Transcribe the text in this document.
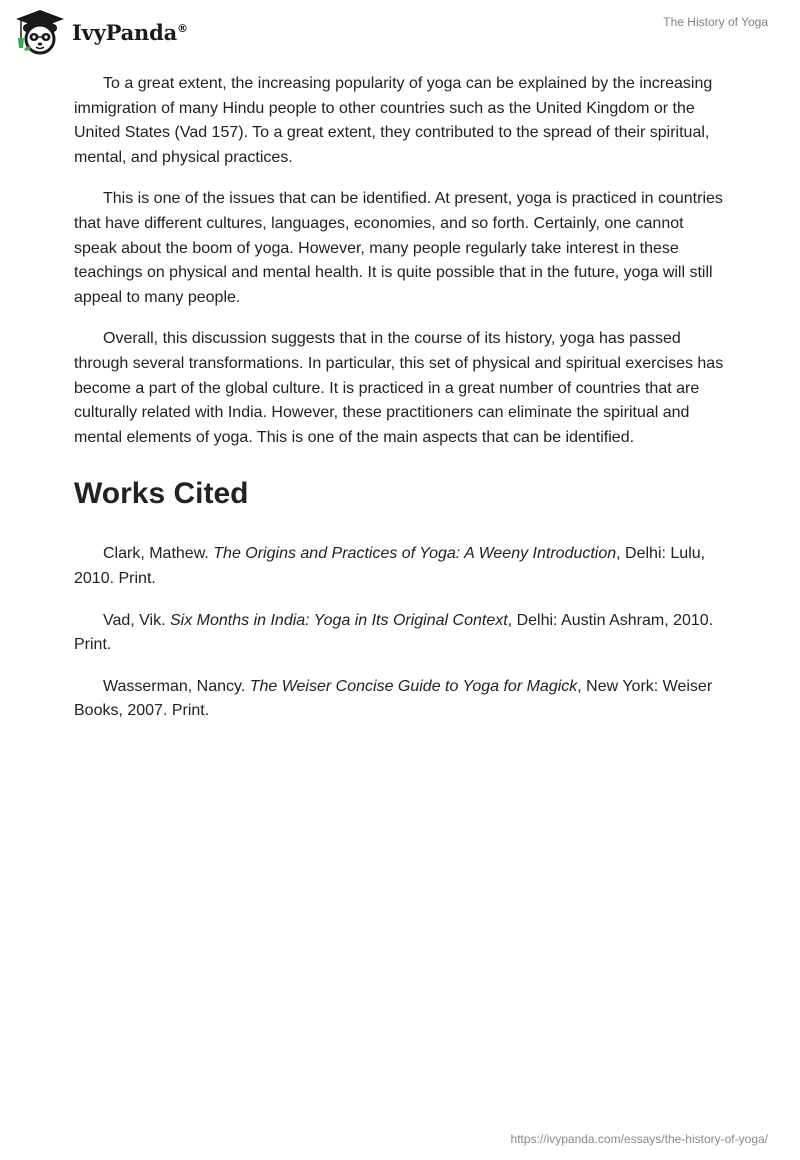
IvyPanda®	The History of Yoga

To a great extent, the increasing popularity of yoga can be explained by the increasing immigration of many Hindu people to other countries such as the United Kingdom or the United States (Vad 157). To a great extent, they contributed to the spread of their spiritual, mental, and physical practices.

This is one of the issues that can be identified. At present, yoga is practiced in countries that have different cultures, languages, economies, and so forth. Certainly, one cannot speak about the boom of yoga. However, many people regularly take interest in these teachings on physical and mental health. It is quite possible that in the future, yoga will still appeal to many people.

Overall, this discussion suggests that in the course of its history, yoga has passed through several transformations. In particular, this set of physical and spiritual exercises has become a part of the global culture. It is practiced in a great number of countries that are culturally related with India. However, these practitioners can eliminate the spiritual and mental elements of yoga. This is one of the main aspects that can be identified.

Works Cited

Clark, Mathew. The Origins and Practices of Yoga: A Weeny Introduction, Delhi: Lulu, 2010. Print.

Vad, Vik. Six Months in India: Yoga in Its Original Context, Delhi: Austin Ashram, 2010. Print.

Wasserman, Nancy. The Weiser Concise Guide to Yoga for Magick, New York: Weiser Books, 2007. Print.

https://ivypanda.com/essays/the-history-of-yoga/
